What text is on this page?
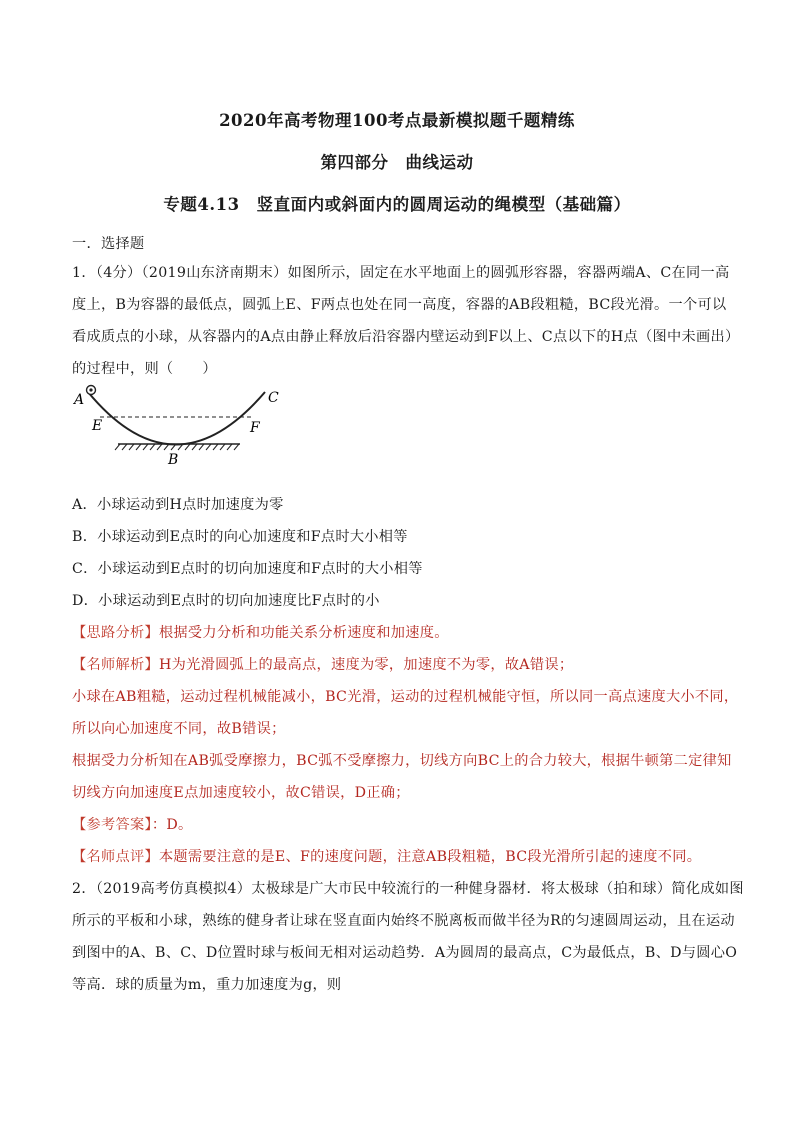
2020年高考物理100考点最新模拟题千题精练
第四部分　曲线运动
专题4.13　竖直面内或斜面内的圆周运动的绳模型（基础篇）
一．选择题
1．（4分）（2019山东济南期末）如图所示，固定在水平地面上的圆弧形容器，容器两端A、C在同一高
度上，B为容器的最低点，圆弧上E、F两点也处在同一高度，容器的AB段粗糙，BC段光滑。一个可以
看成质点的小球，从容器内的A点由静止释放后沿容器内壁运动到F以上、C点以下的H点（图中未画出）
的过程中，则（　　）
A
E	F
C
B
A．小球运动到H点时加速度为零
B．小球运动到E点时的向心加速度和F点时大小相等
C．小球运动到E点时的切向加速度和F点时的大小相等
D．小球运动到E点时的切向加速度比F点时的小
【思路分析】根据受力分析和功能关系分析速度和加速度。
【名师解析】H为光滑圆弧上的最高点，速度为零，加速度不为零，故A错误；
小球在AB粗糙，运动过程机械能减小，BC光滑，运动的过程机械能守恒，所以同一高点速度大小不同，
所以向心加速度不同，故B错误；
根据受力分析知在AB弧受摩擦力，BC弧不受摩擦力，切线方向BC上的合力较大，根据牛顿第二定律知
切线方向加速度E点加速度较小，故C错误，D正确；
【参考答案】：D。
【名师点评】本题需要注意的是E、F的速度问题，注意AB段粗糙，BC段光滑所引起的速度不同。
2．（2019高考仿真模拟4）太极球是广大市民中较流行的一种健身器材．将太极球（拍和球）简化成如图
所示的平板和小球，熟练的健身者让球在竖直面内始终不脱离板而做半径为R的匀速圆周运动，且在运动
到图中的A、B、C、D位置时球与板间无相对运动趋势．A为圆周的最高点，C为最低点，B、D与圆心O
等高．球的质量为m，重力加速度为g，则
